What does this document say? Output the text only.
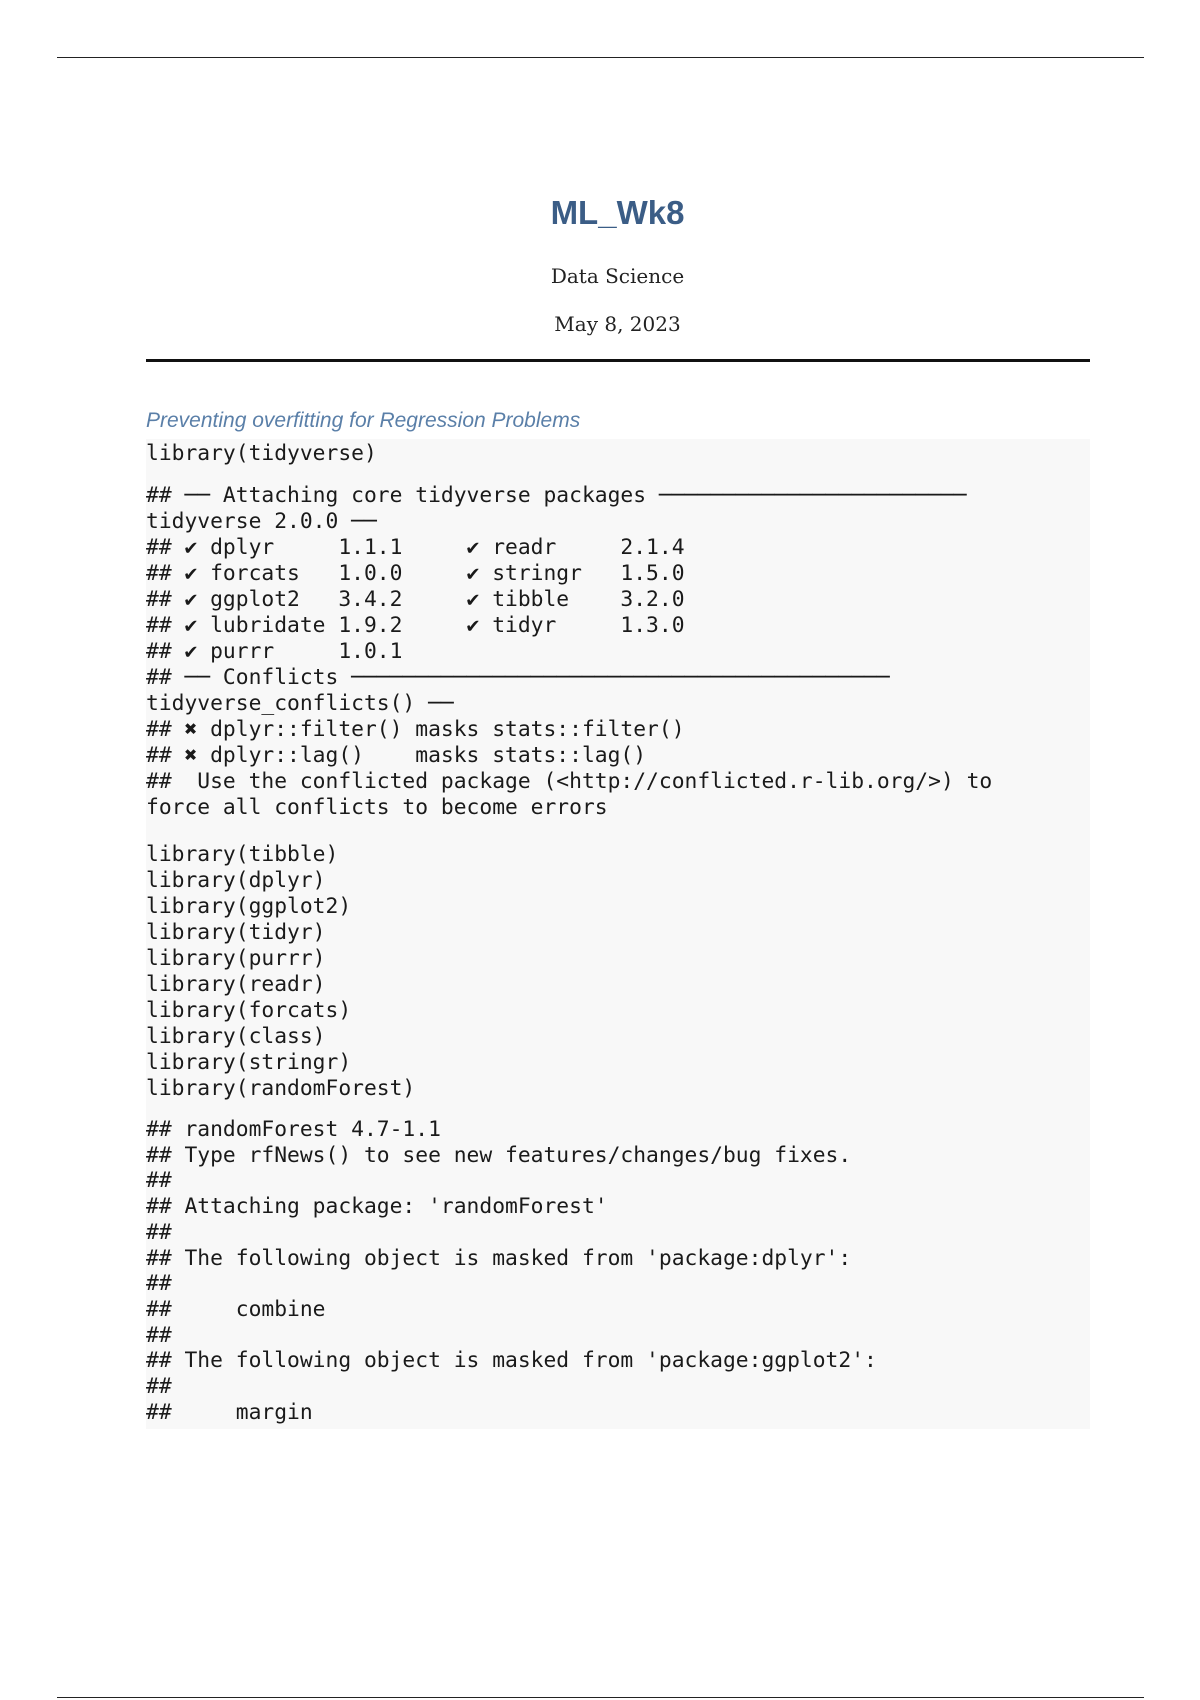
ML_Wk8
Data Science
May 8, 2023
Preventing overfitting for Regression Problems
library(tidyverse)
## ── Attaching core tidyverse packages ────────────────────────
tidyverse 2.0.0 ──
## ✔ dplyr     1.1.1     ✔ readr     2.1.4
## ✔ forcats   1.0.0     ✔ stringr   1.5.0
## ✔ ggplot2   3.4.2     ✔ tibble    3.2.0
## ✔ lubridate 1.9.2     ✔ tidyr     1.3.0
## ✔ purrr     1.0.1
## ── Conflicts ──────────────────────────────────────────
tidyverse_conflicts() ──
## ✖ dplyr::filter() masks stats::filter()
## ✖ dplyr::lag()    masks stats::lag()
##  Use the conflicted package (<http://conflicted.r-lib.org/>) to
force all conflicts to become errors
library(tibble)
library(dplyr)
library(ggplot2)
library(tidyr)
library(purrr)
library(readr)
library(forcats)
library(class)
library(stringr)
library(randomForest)
## randomForest 4.7-1.1
## Type rfNews() to see new features/changes/bug fixes.
##
## Attaching package: 'randomForest'
##
## The following object is masked from 'package:dplyr':
##
##     combine
##
## The following object is masked from 'package:ggplot2':
##
##     margin
